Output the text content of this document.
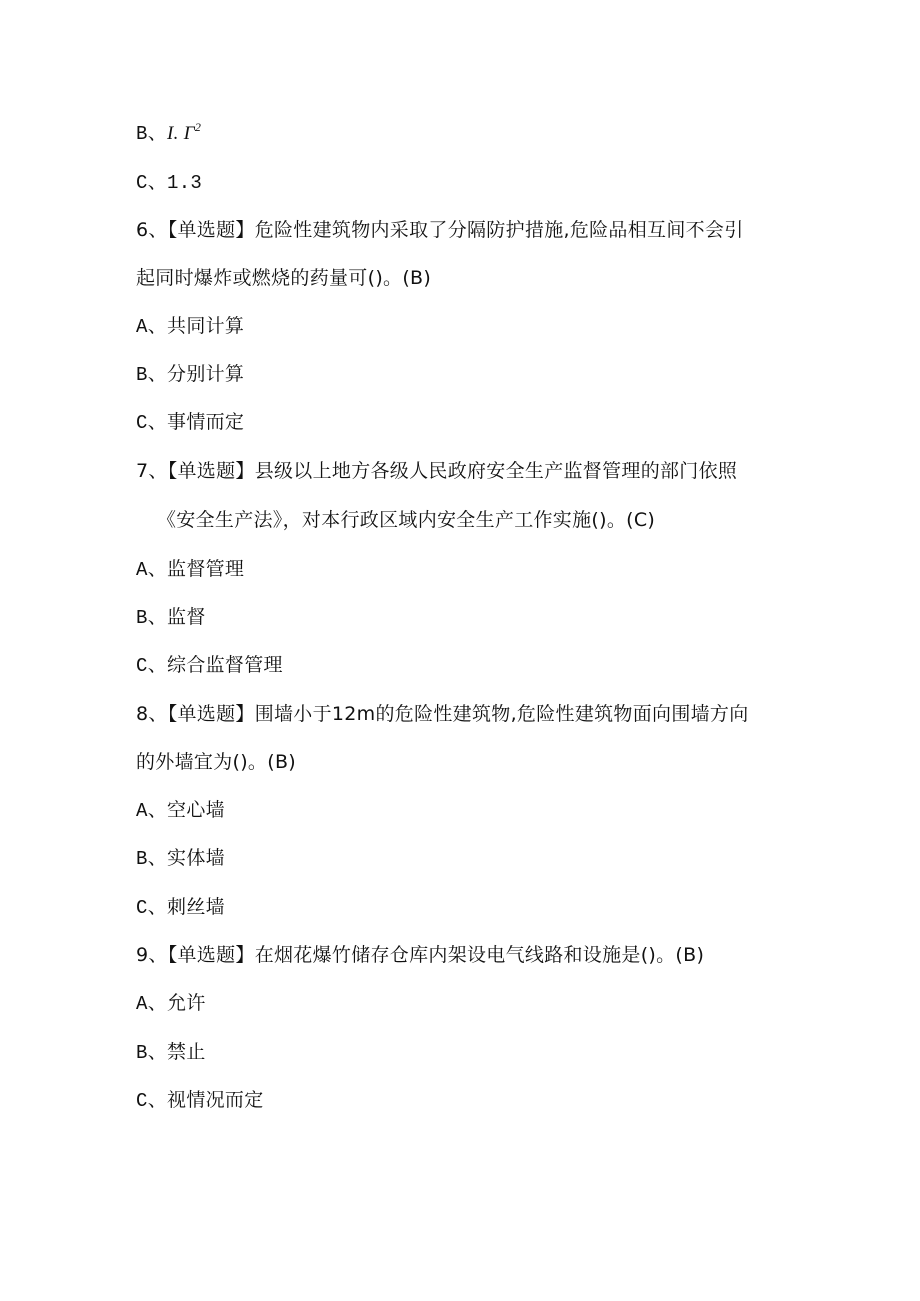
B、I. $\Gamma^2$
C、1.3
6、【单选题】危险性建筑物内采取了分隔防护措施,危险品相互间不会引
起同时爆炸或燃烧的药量可()。(B)
A、共同计算
B、分别计算
C、事情而定
7、【单选题】县级以上地方各级人民政府安全生产监督管理的部门依照
《安全生产法》，对本行政区域内安全生产工作实施()。(C)
A、监督管理
B、监督
C、综合监督管理
8、【单选题】围墙小于12m的危险性建筑物,危险性建筑物面向围墙方向
的外墙宜为()。(B)
A、空心墙
B、实体墙
C、刺丝墙
9、【单选题】在烟花爆竹储存仓库内架设电气线路和设施是()。(B)
A、允许
B、禁止
C、视情况而定
